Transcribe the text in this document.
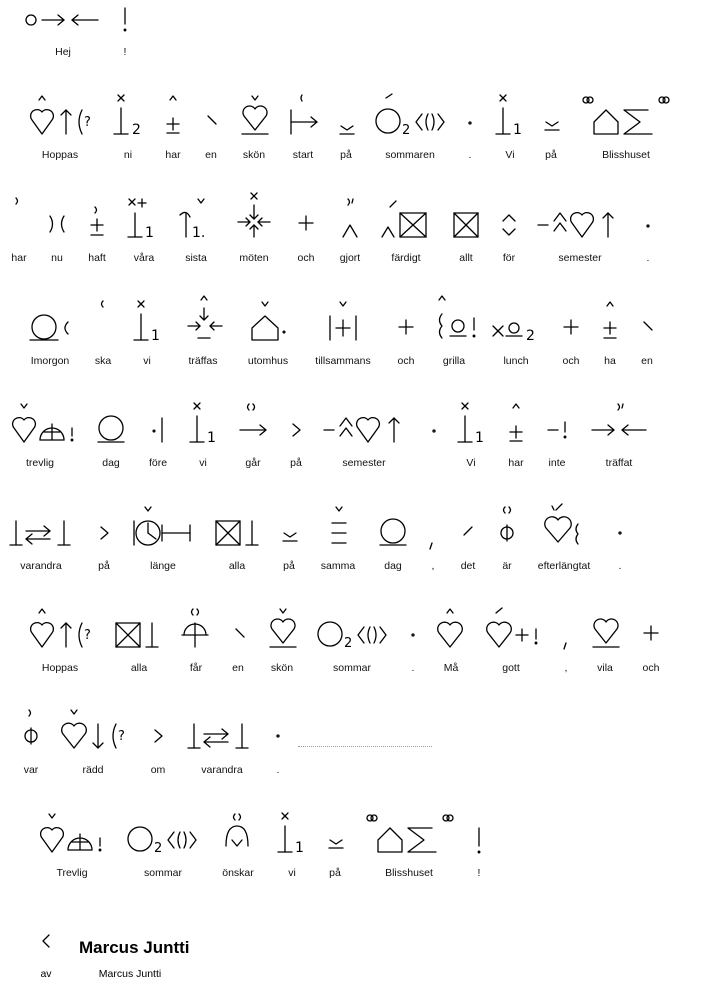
Hej	!
?	2	2	1
Hoppas	ni	har en skön	start	på	sommaren	.	Vi	på	Blisshuset
1	1.
har nu haft	våra	sista	möten	och gjort	färdigt	allt	för	semester	.
1	2
Imorgon ska	vi	träffas	utomhus	tillsammans	och	grilla	lunch	och ha en
1	1
trevlig	dag	före	vi	går	på	semester	Vi	har inte	träffat
varandra	på	länge	alla	på samma	dag	, det	är efterlängtat	.
?
2
Hoppas	alla	får	en	skön	sommar	.	Må	gott	,	vila	och
?
var	rädd	om	varandra	.
2	1
Trevlig	sommar	önskar	vi	på	Blisshuset	!
Marcus Juntti
av	Marcus Juntti
